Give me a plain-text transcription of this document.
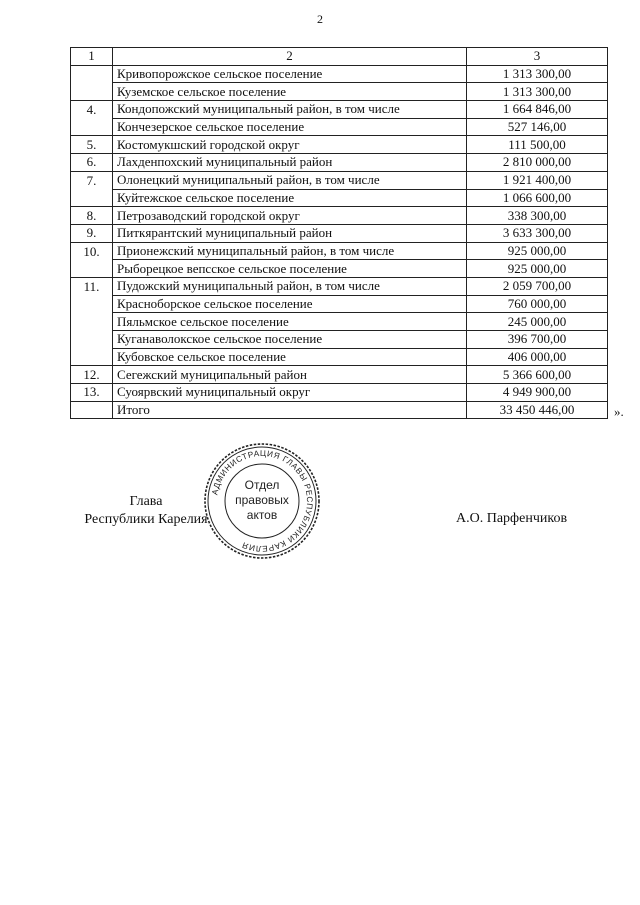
2
1	2	3
	Кривопорожское сельское поселение	1 313 300,00
	Куземское сельское поселение	1 313 300,00
4.	Кондопожский муниципальный район, в том числе	1 664 846,00
	Кончезерское сельское поселение	527 146,00
5.	Костомукшский городской округ	111 500,00
6.	Лахденпохский муниципальный район	2 810 000,00
7.	Олонецкий муниципальный район, в том числе	1 921 400,00
	Куйтежское сельское поселение	1 066 600,00
8.	Петрозаводский городской округ	338 300,00
9.	Питкярантский муниципальный район	3 633 300,00
10.	Прионежский муниципальный район, в том числе	925 000,00
	Рыборецкое вепсское сельское поселение	925 000,00
11.	Пудожский муниципальный район, в том числе	2 059 700,00
	Красноборское сельское поселение	760 000,00
	Пяльмское сельское поселение	245 000,00
	Куганаволокское сельское поселение	396 700,00
	Кубовское сельское поселение	406 000,00
12.	Сегежский муниципальный район	5 366 600,00
13.	Суоярвский муниципальный округ	4 949 900,00
	Итого	33 450 446,00	».
Глава
Республики Карелия
АДМИНИСТРАЦИЯ ГЛАВЫ РЕСПУБЛИКИ КАРЕЛИЯ
Отдел
правовых
актов	А.О. Парфенчиков
